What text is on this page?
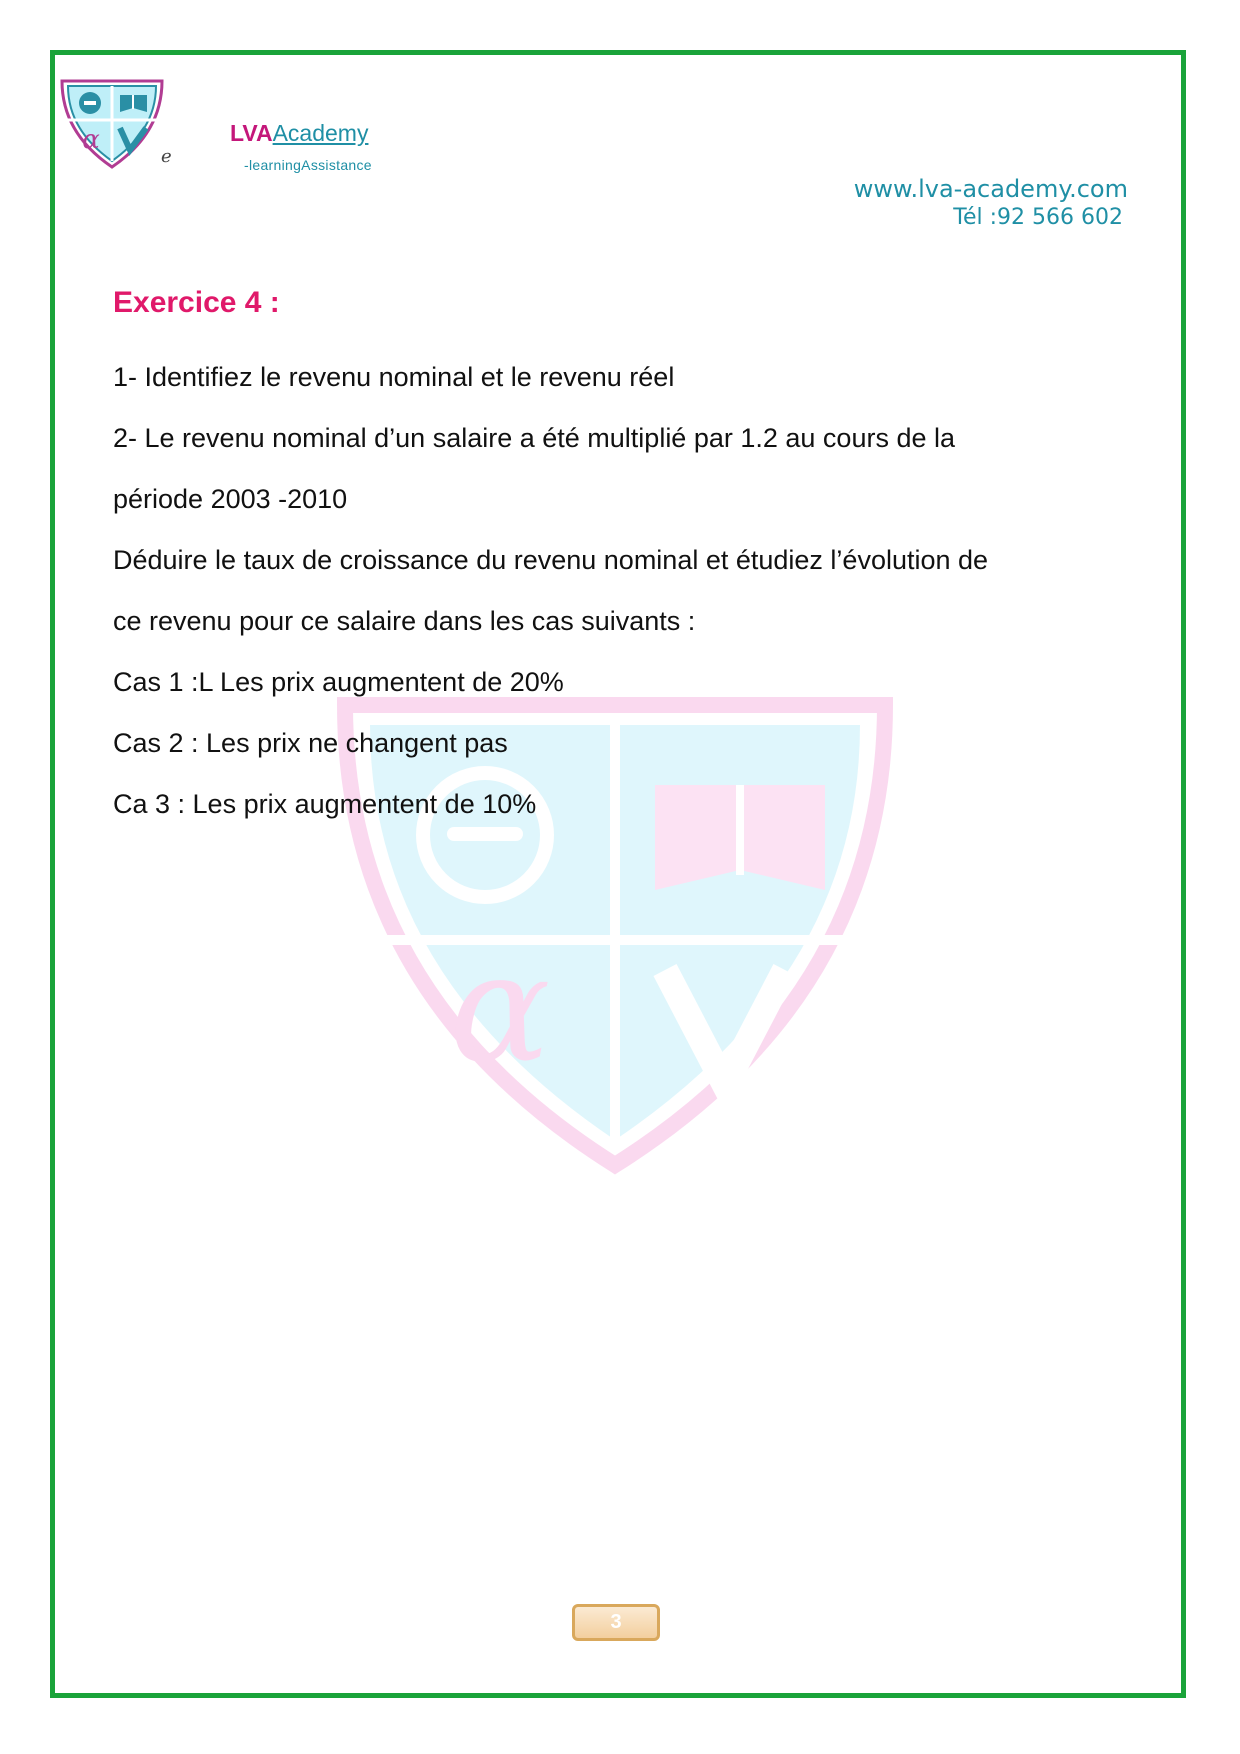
α
e
LVAAcademy
-learningAssistance
www.lva-academy.com
Tél :92 566 602
α
Exercice 4 :

1- Identifiez le revenu nominal et le revenu réel

2- Le revenu nominal d’un salaire a été multiplié par 1.2 au cours de la

période 2003 -2010

Déduire le taux de croissance du revenu nominal et étudiez l’évolution de

ce revenu pour ce salaire dans les cas suivants :

Cas 1 :L Les prix augmentent de 20%

Cas 2 : Les prix ne changent pas

Ca 3 : Les prix augmentent de 10%

3
